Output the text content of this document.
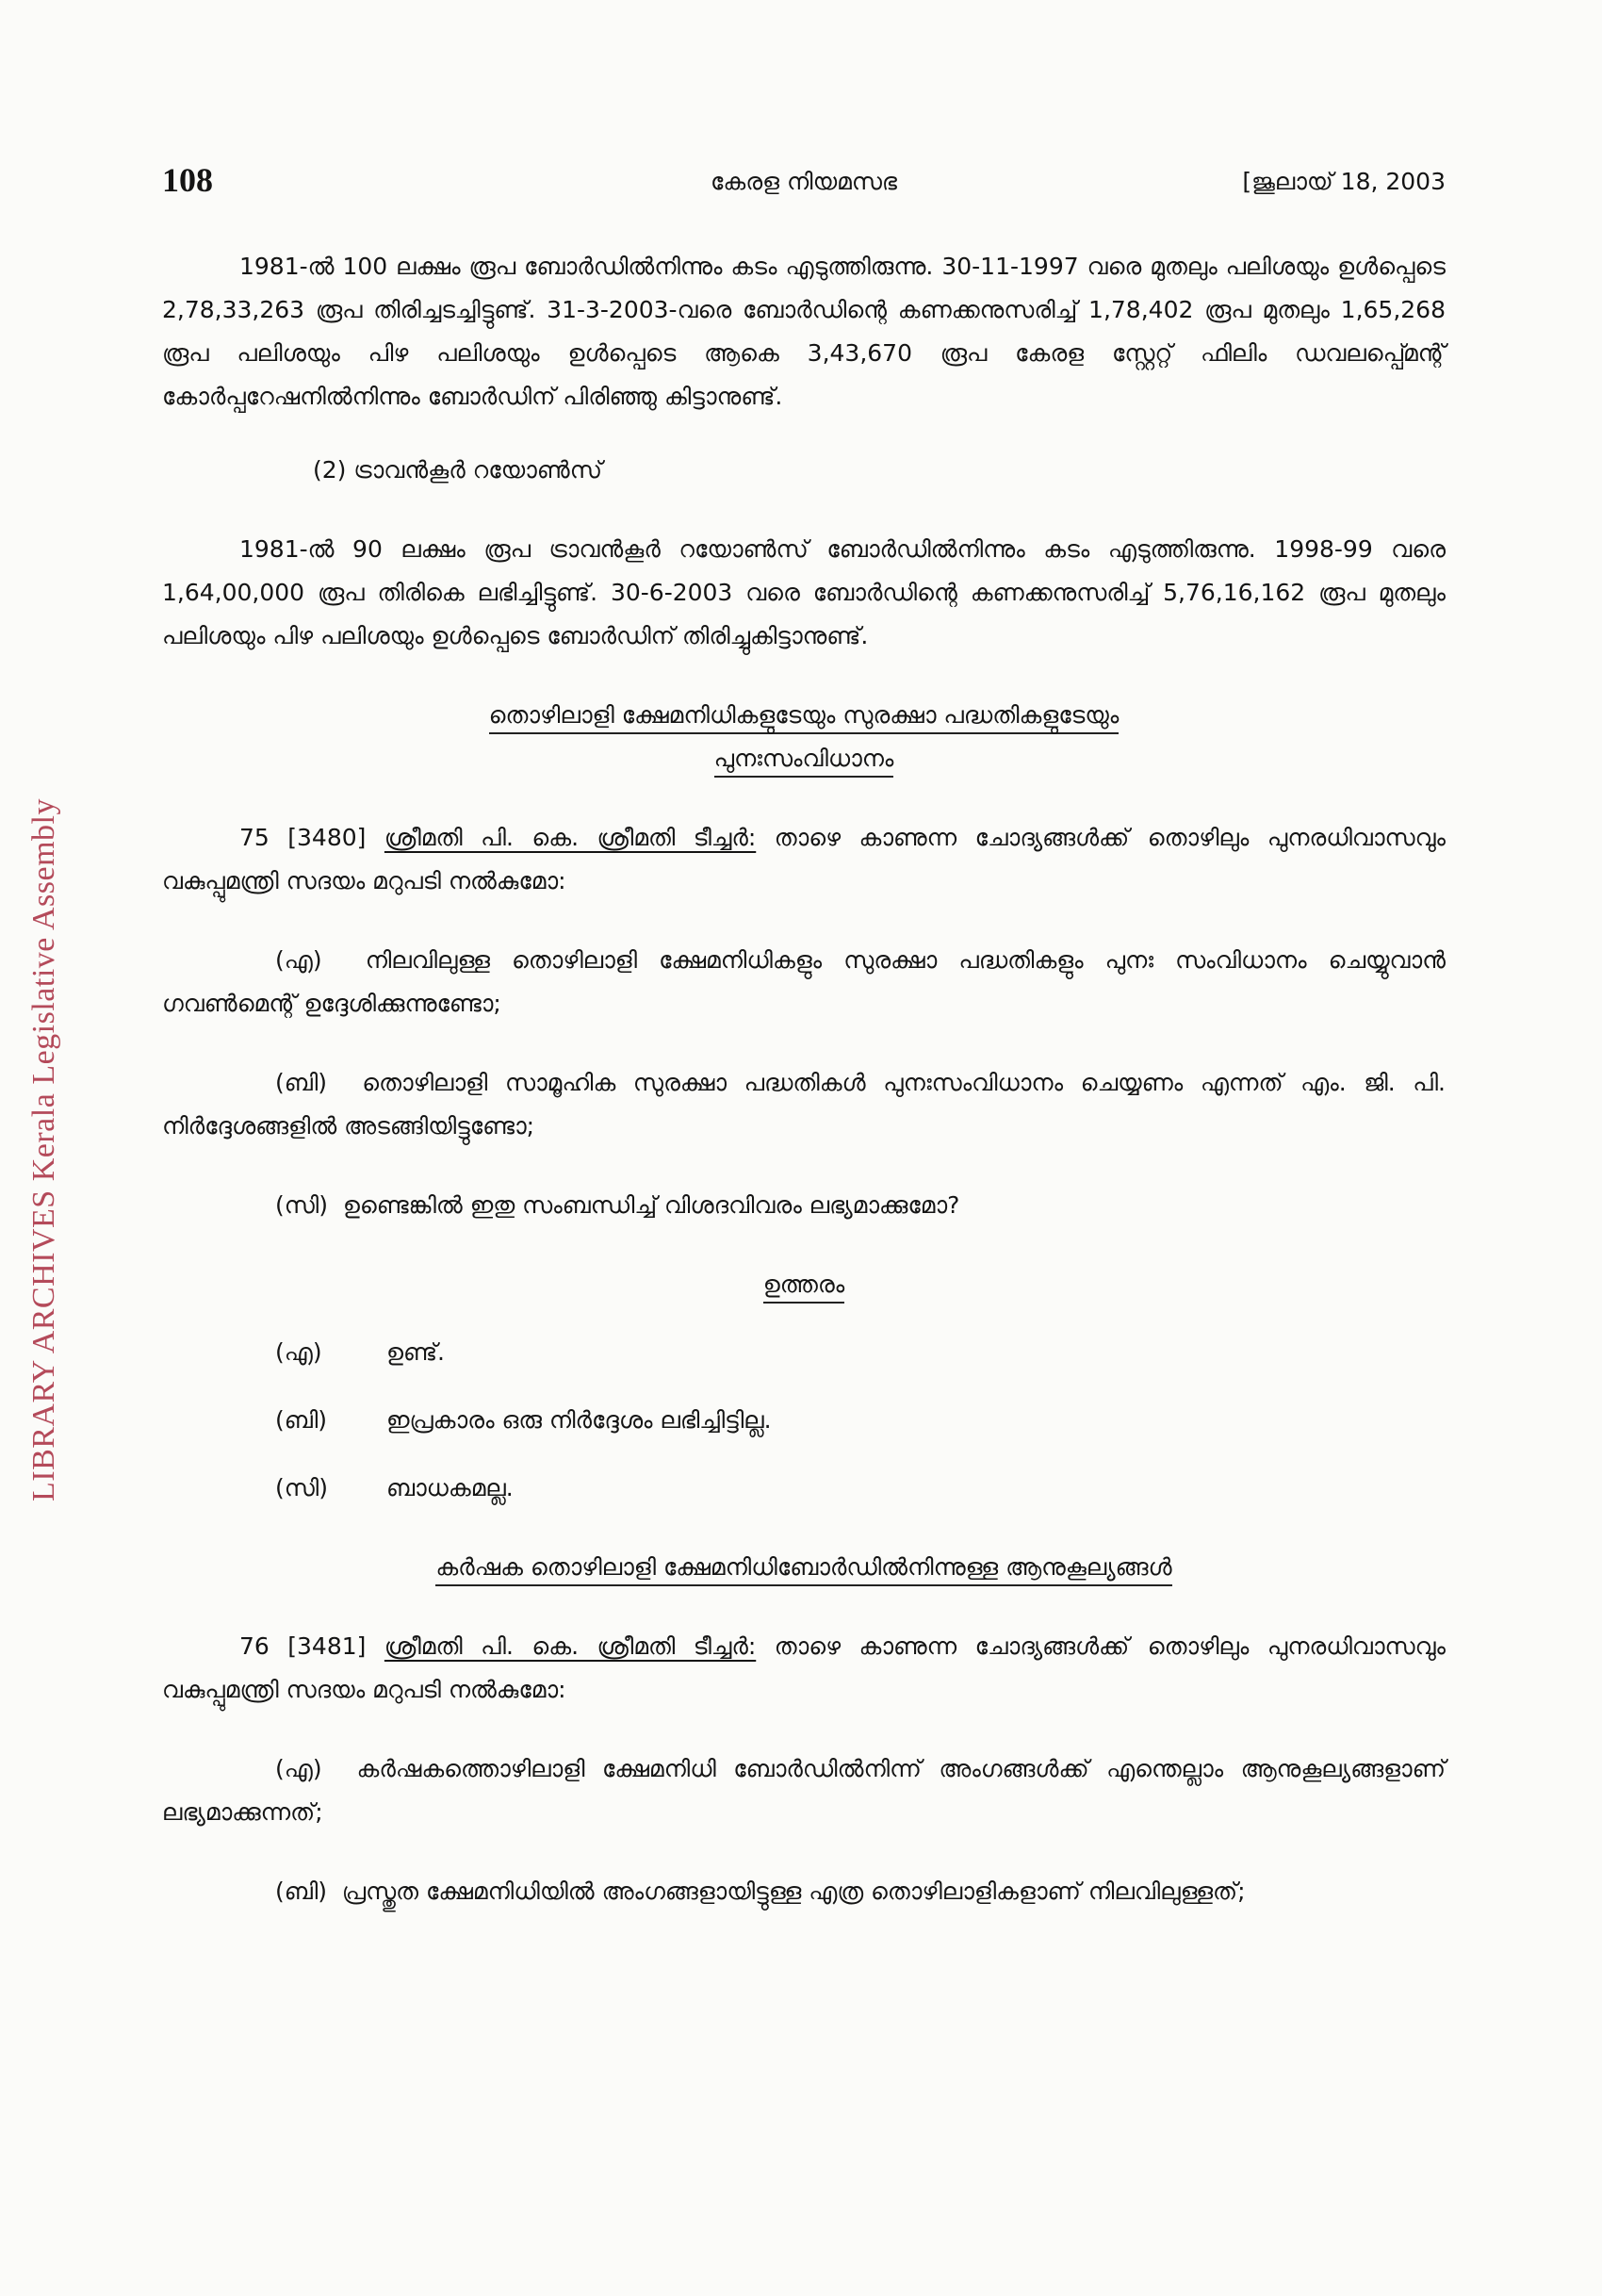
LIBRARY ARCHIVES Kerala Legislative Assembly
108	കേരള നിയമസഭ	[ജൂലായ് 18, 2003

1981-ൽ 100 ലക്ഷം രൂപ ബോർഡിൽനിന്നും കടം എടുത്തിരുന്നു. 30-11-1997 വരെ മുതലും പലിശയും ഉൾപ്പെടെ 2,78,33,263 രൂപ തിരിച്ചടച്ചിട്ടുണ്ട്. 31-3-2003-വരെ ബോർഡിന്റെ കണക്കനുസരിച്ച് 1,78,402 രൂപ മുതലും 1,65,268 രൂപ പലിശയും പിഴ പലിശയും ഉൾപ്പെടെ ആകെ 3,43,670 രൂപ കേരള സ്റ്റേറ്റ് ഫിലിം ഡവലപ്പ്മെന്റ് കോർപ്പറേഷനിൽനിന്നും ബോർഡിന് പിരിഞ്ഞു കിട്ടാനുണ്ട്.

(2) ട്രാവൻകൂർ റയോൺസ്

1981-ൽ 90 ലക്ഷം രൂപ ട്രാവൻകൂർ റയോൺസ് ബോർഡിൽനിന്നും കടം എടുത്തിരുന്നു. 1998-99 വരെ 1,64,00,000 രൂപ തിരികെ ലഭിച്ചിട്ടുണ്ട്. 30-6-2003 വരെ ബോർഡിന്റെ കണക്കനുസരിച്ച് 5,76,16,162 രൂപ മുതലും പലിശയും പിഴ പലിശയും ഉൾപ്പെടെ ബോർഡിന് തിരിച്ചുകിട്ടാനുണ്ട്.

തൊഴിലാളി ക്ഷേമനിധികളുടേയും സുരക്ഷാ പദ്ധതികളുടേയും
പുനഃസംവിധാനം

75 [3480] ശ്രീമതി പി. കെ. ശ്രീമതി ടീച്ചർ: താഴെ കാണുന്ന ചോദ്യങ്ങൾക്ക് തൊഴിലും പുനരധിവാസവും വകുപ്പുമന്ത്രി സദയം മറുപടി നൽകുമോ:

(എ) നിലവിലുള്ള തൊഴിലാളി ക്ഷേമനിധികളും സുരക്ഷാ പദ്ധതികളും പുനഃ സംവിധാനം ചെയ്യുവാൻ ഗവൺമെന്റ് ഉദ്ദേശിക്കുന്നുണ്ടോ;

(ബി) തൊഴിലാളി സാമൂഹിക സുരക്ഷാ പദ്ധതികൾ പുനഃസംവിധാനം ചെയ്യണം എന്നത് എം. ജി. പി. നിർദ്ദേശങ്ങളിൽ അടങ്ങിയിട്ടുണ്ടോ;

(സി) ഉണ്ടെങ്കിൽ ഇതു സംബന്ധിച്ച് വിശദവിവരം ലഭ്യമാക്കുമോ?

ഉത്തരം
(എ)	ഉണ്ട്.
(ബി)	ഇപ്രകാരം ഒരു നിർദ്ദേശം ലഭിച്ചിട്ടില്ല.
(സി) ബാധകമല്ല.
കർഷക തൊഴിലാളി ക്ഷേമനിധിബോർഡിൽനിന്നുള്ള ആനുകൂല്യങ്ങൾ

76 [3481] ശ്രീമതി പി. കെ. ശ്രീമതി ടീച്ചർ: താഴെ കാണുന്ന ചോദ്യങ്ങൾക്ക് തൊഴിലും പുനരധിവാസവും വകുപ്പുമന്ത്രി സദയം മറുപടി നൽകുമോ:

(എ) കർഷകത്തൊഴിലാളി ക്ഷേമനിധി ബോർഡിൽനിന്ന് അംഗങ്ങൾക്ക് എന്തെല്ലാം ആനുകൂല്യങ്ങളാണ് ലഭ്യമാക്കുന്നത്;

(ബി) പ്രസ്തുത ക്ഷേമനിധിയിൽ അംഗങ്ങളായിട്ടുള്ള എത്ര തൊഴിലാളികളാണ് നിലവിലുള്ളത്;
